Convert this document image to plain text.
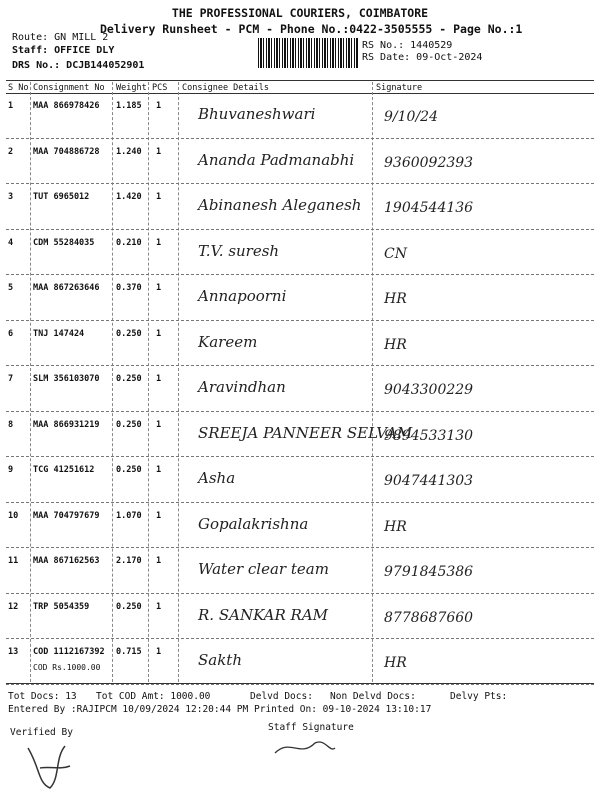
THE PROFESSIONAL COURIERS, COIMBATORE
Delivery Runsheet - PCM - Phone No.:0422-3505555 - Page No.:1
Route: GN MILL 2
Staff: OFFICE DLY
DRS No.: DCJB144052901
RS No.: 1440529
RS Date: 09-Oct-2024
S No Consignment No Weight PCS Consignee Details	Signature
1 MAA 866978426 1.185 1 Bhuvaneshwari	9/10/24
2 MAA 704886728 1.240 1 Ananda Padmanabhi 9360092393
3 TUT 6965012	1.420 1 Abinanesh Aleganesh 1904544136
4 CDM 55284035	0.210 1 T.V. suresh	CN
5 MAA 867263646 0.370 1 Annapoorni	HR
6 TNJ 147424	0.250 1 Kareem	HR
7 SLM 356103070 0.250 1 Aravindhan	9043300229
8 MAA 866931219 0.250 1 SREEJA PANNEER SELVAM
9894533130
9 TCG 41251612	0.250 1 Asha	9047441303
10 MAA 704797679 1.070 1 Gopalakrishna	HR
11 MAA 867162563 2.170 1 Water clear team	9791845386
12 TRP 5054359	0.250 1 R. SANKAR RAM	8778687660
13 COD 1112167392 0.715 1 Sakth	HR
COD Rs.1000.00
Tot Docs: 13 Tot COD Amt: 1000.00	Delvd Docs: Non Delvd Docs:	Delvy Pts:
Entered By :RAJIPCM 10/09/2024 12:20:44 PM Printed On: 09-10-2024 13:10:17
Verified By	Staff Signature
